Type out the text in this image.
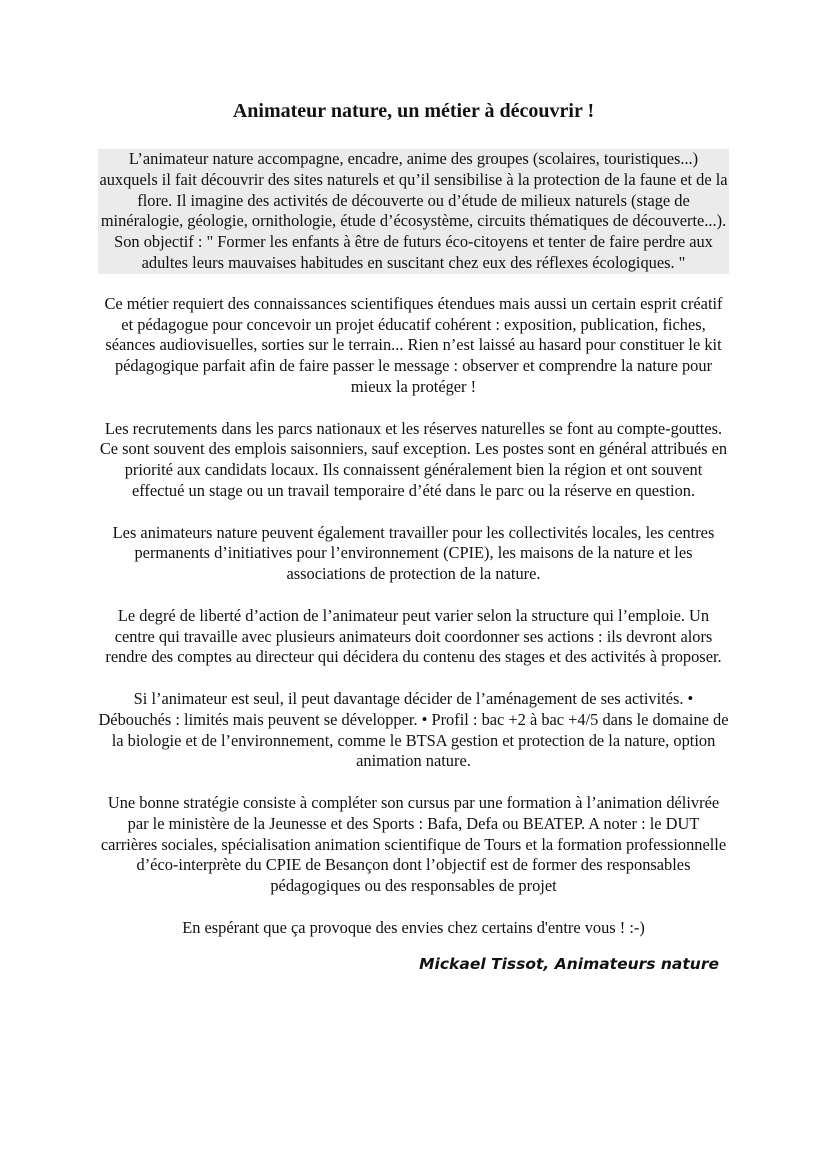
Animateur nature, un métier à découvrir !

L’animateur nature accompagne, encadre, anime des groupes (scolaires, touristiques...) auxquels il fait découvrir des sites naturels et qu’il sensibilise à la protection de la faune et de la flore. Il imagine des activités de découverte ou d’étude de milieux naturels (stage de minéralogie, géologie, ornithologie, étude d’écosystème, circuits thématiques de découverte...). Son objectif : " Former les enfants à être de futurs éco-citoyens et tenter de faire perdre aux adultes leurs mauvaises habitudes en suscitant chez eux des réflexes écologiques. "

Ce métier requiert des connaissances scientifiques étendues mais aussi un certain esprit créatif et pédagogue pour concevoir un projet éducatif cohérent : exposition, publication, fiches, séances audiovisuelles, sorties sur le terrain... Rien n’est laissé au hasard pour constituer le kit pédagogique parfait afin de faire passer le message : observer et comprendre la nature pour mieux la protéger !

Les recrutements dans les parcs nationaux et les réserves naturelles se font au compte-gouttes. Ce sont souvent des emplois saisonniers, sauf exception. Les postes sont en général attribués en priorité aux candidats locaux. Ils connaissent généralement bien la région et ont souvent effectué un stage ou un travail temporaire d’été dans le parc ou la réserve en question.

Les animateurs nature peuvent également travailler pour les collectivités locales, les centres permanents d’initiatives pour l’environnement (CPIE), les maisons de la nature et les associations de protection de la nature.

Le degré de liberté d’action de l’animateur peut varier selon la structure qui l’emploie. Un centre qui travaille avec plusieurs animateurs doit coordonner ses actions : ils devront alors rendre des comptes au directeur qui décidera du contenu des stages et des activités à proposer.

Si l’animateur est seul, il peut davantage décider de l’aménagement de ses activités. • Débouchés : limités mais peuvent se développer. • Profil : bac +2 à bac +4/5 dans le domaine de la biologie et de l’environnement, comme le BTSA gestion et protection de la nature, option animation nature.

Une bonne stratégie consiste à compléter son cursus par une formation à l’animation délivrée par le ministère de la Jeunesse et des Sports : Bafa, Defa ou BEATEP. A noter : le DUT carrières sociales, spécialisation animation scientifique de Tours et la formation professionnelle d’éco-interprète du CPIE de Besançon dont l’objectif est de former des responsables pédagogiques ou des responsables de projet

En espérant que ça provoque des envies chez certains d'entre vous ! :-)

Mickael Tissot, Animateurs nature
